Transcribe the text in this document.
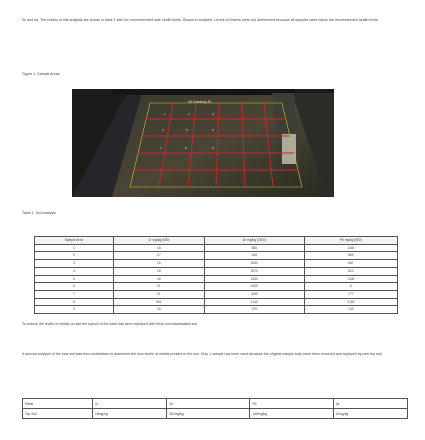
Zn and As. The results of this analysis are shown in table 1 with the recommended safe health limits. Shown in brackets. Levels of Arsenic were not determined because all samples were below the recommended health limits.

Figure 1. Sample Areas

1	2	3
4	5	6
7	8	9
26 Cranbury St

Table 1. Soil Analysis

Sample Area	Cr mg/kg (600)	Zn mg/kg (7400)	Pb mg/kg (500)
1	18	565	1160
2	17	515	869
3	16	2050	687
4	18	2070	822
5	45	1550	1430
6	21	1520	6
7	21	3150	777
8	561	1140	2160
9	33	379	149

To reduce the levels of metals on site the topsoil of the back has been replaced with fresh uncontaminated soil.

A second analysis of the new soil was then undertaken to determine the new levels of metals present in the soil. Only 1 sample has been used because the original sample soils have been removed and replaced by new top soil.

Metal	Cr	Zn	Pb	As
Top Soil	15mg/kg	351mg/kg	168mg/kg	10mg/kg
